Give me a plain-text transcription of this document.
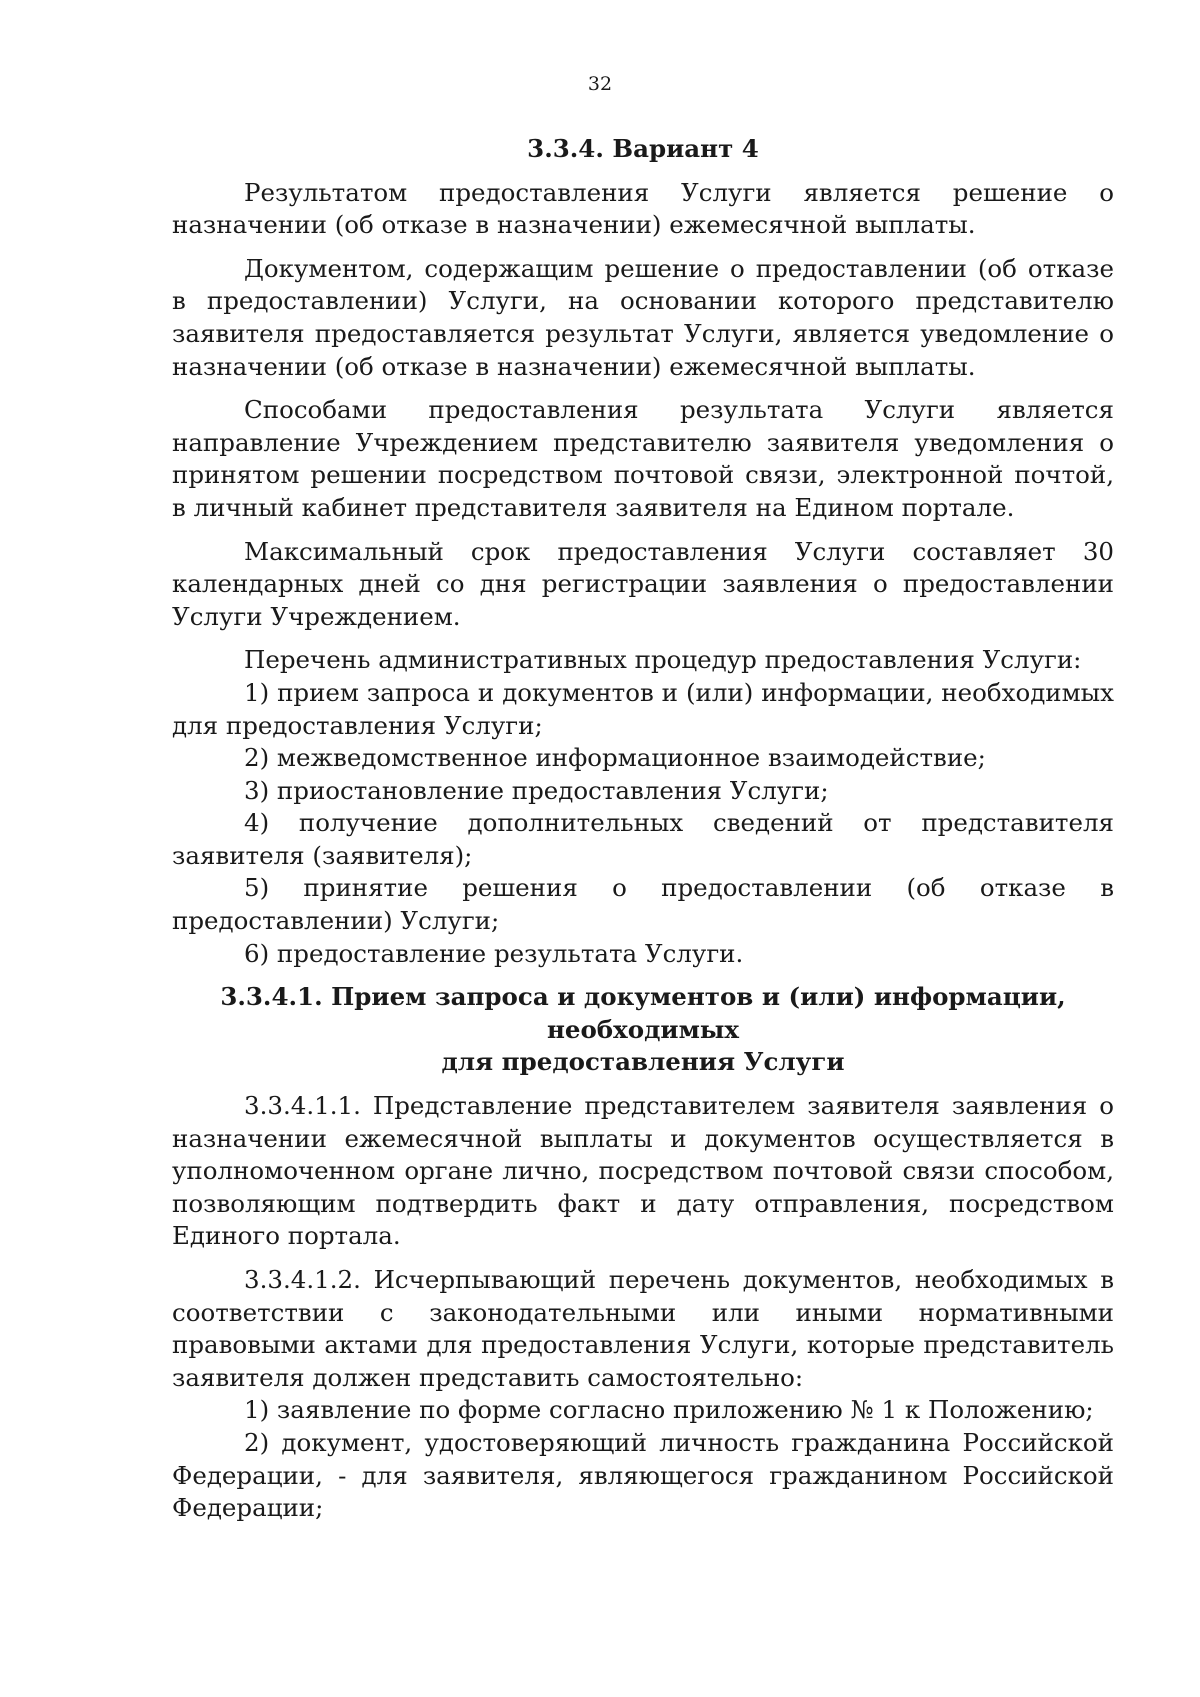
32
3.3.4. Вариант 4

Результатом предоставления Услуги является решение о назначении (об отказе в назначении) ежемесячной выплаты.

Документом, содержащим решение о предоставлении (об отказе в предоставлении) Услуги, на основании которого представителю заявителя предоставляется результат Услуги, является уведомление о назначении (об отказе в назначении) ежемесячной выплаты.

Способами предоставления результата Услуги является направление Учреждением представителю заявителя уведомления о принятом решении посредством почтовой связи, электронной почтой, в личный кабинет представителя заявителя на Едином портале.

Максимальный срок предоставления Услуги составляет 30 календарных дней со дня регистрации заявления о предоставлении Услуги Учреждением.

Перечень административных процедур предоставления Услуги:

1) прием запроса и документов и (или) информации, необходимых для предоставления Услуги;

2) межведомственное информационное взаимодействие;

3) приостановление предоставления Услуги;

4) получение дополнительных сведений от представителя заявителя (заявителя);

5) принятие решения о предоставлении (об отказе в предоставлении) Услуги;

6) предоставление результата Услуги.

3.3.4.1. Прием запроса и документов и (или) информации, необходимых
для предоставления Услуги

3.3.4.1.1. Представление представителем заявителя заявления о назначении ежемесячной выплаты и документов осуществляется в уполномоченном органе лично, посредством почтовой связи способом, позволяющим подтвердить факт и дату отправления, посредством Единого портала.

3.3.4.1.2. Исчерпывающий перечень документов, необходимых в соответствии с законодательными или иными нормативными правовыми актами для предоставления Услуги, которые представитель заявителя должен представить самостоятельно:

1) заявление по форме согласно приложению № 1 к Положению;

2) документ, удостоверяющий личность гражданина Российской Федерации, - для заявителя, являющегося гражданином Российской Федерации;
